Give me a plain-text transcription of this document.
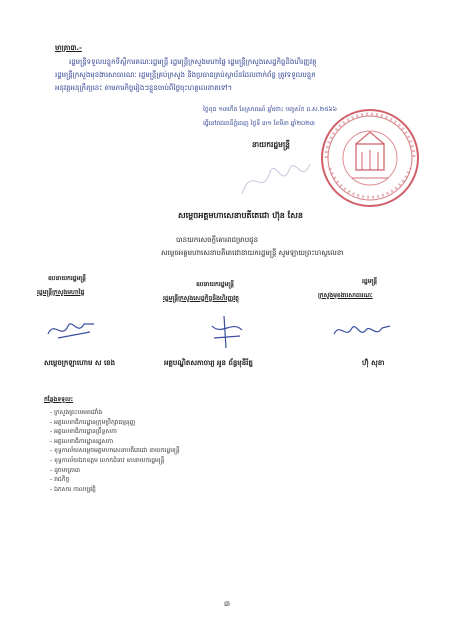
មាត្រា៣.-
រដ្ឋមន្ត្រីទទួលបន្ទុកទីស្តីការគណៈរដ្ឋមន្ត្រី រដ្ឋមន្ត្រីក្រសួងមហាផ្ទៃ រដ្ឋមន្ត្រីក្រសួងសេដ្ឋកិច្ចនិងហិរញ្ញវត្ថុ
រដ្ឋមន្ត្រីក្រសួងមុខងារសាធារណៈ រដ្ឋមន្ត្រីគ្រប់ក្រសួង និងប្រធានគ្រប់ស្ថាប័នដែលពាក់ព័ន្ធ ត្រូវទទួលបន្ទុក
អនុវត្តអនុក្រឹត្យនេះ តាមភារកិច្ចរៀងៗខ្លួនចាប់ពីថ្ងៃចុះហត្ថលេខាតទៅ។
ថ្ងៃពុធ ១៣កើត ខែស្រាពណ៍ ឆ្នាំថោះ បញ្ចស័ក ព.ស.២៥៦៦
ធ្វើនៅរាជធានីភ្នំពេញ ថ្ងៃទី ៣១ ខែមីនា ឆ្នាំ២០២៣
នាយករដ្ឋមន្ត្រី
សម្តេចអគ្គមហាសេនាបតីតេជោ ហ៊ុន សែន
បានយកសេចក្តីគោរពជម្រាបជូន
សម្តេចអគ្គមហាសេនាបតីតេជោនាយករដ្ឋមន្ត្រី សូមឡាយព្រះហស្ថលេខា
ឧបនាយករដ្ឋមន្ត្រី
រដ្ឋមន្ត្រីក្រសួងមហាផ្ទៃ
សម្តេចក្រឡាហោម ស ខេង
ឧបនាយករដ្ឋមន្ត្រី
រដ្ឋមន្ត្រីក្រសួងសេដ្ឋកិច្ចនិងហិរញ្ញវត្ថុ
អគ្គបណ្ឌិតសភាចារ្យ អូន ព័ន្ធមុនីរ័ត្ន
រដ្ឋមន្ត្រី
ក្រសួងមុខងារសាធារណៈ
ហ៊ុំ សុខា
កន្លែងទទួល:
- ក្រសួងព្រះបរមរាជវាំង
- អគ្គលេខាធិការដ្ឋានក្រុមប្រឹក្សាធម្មនុញ្ញ
- អគ្គលេខាធិការដ្ឋានព្រឹទ្ធសភា
- អគ្គលេខាធិការដ្ឋានរដ្ឋសភា
- ខុទ្ទកាល័យសម្តេចអគ្គមហាសេនាបតីតេជោ នាយករដ្ឋមន្ត្រី
- ខុទ្ទកាល័យឯកឧត្តម លោកជំទាវ ឧបនាយករដ្ឋមន្ត្រី
- ដូចមាត្រា៣
- រាជកិច្ច
- ឯកសារ កាលប្បវត្តិ
៣
